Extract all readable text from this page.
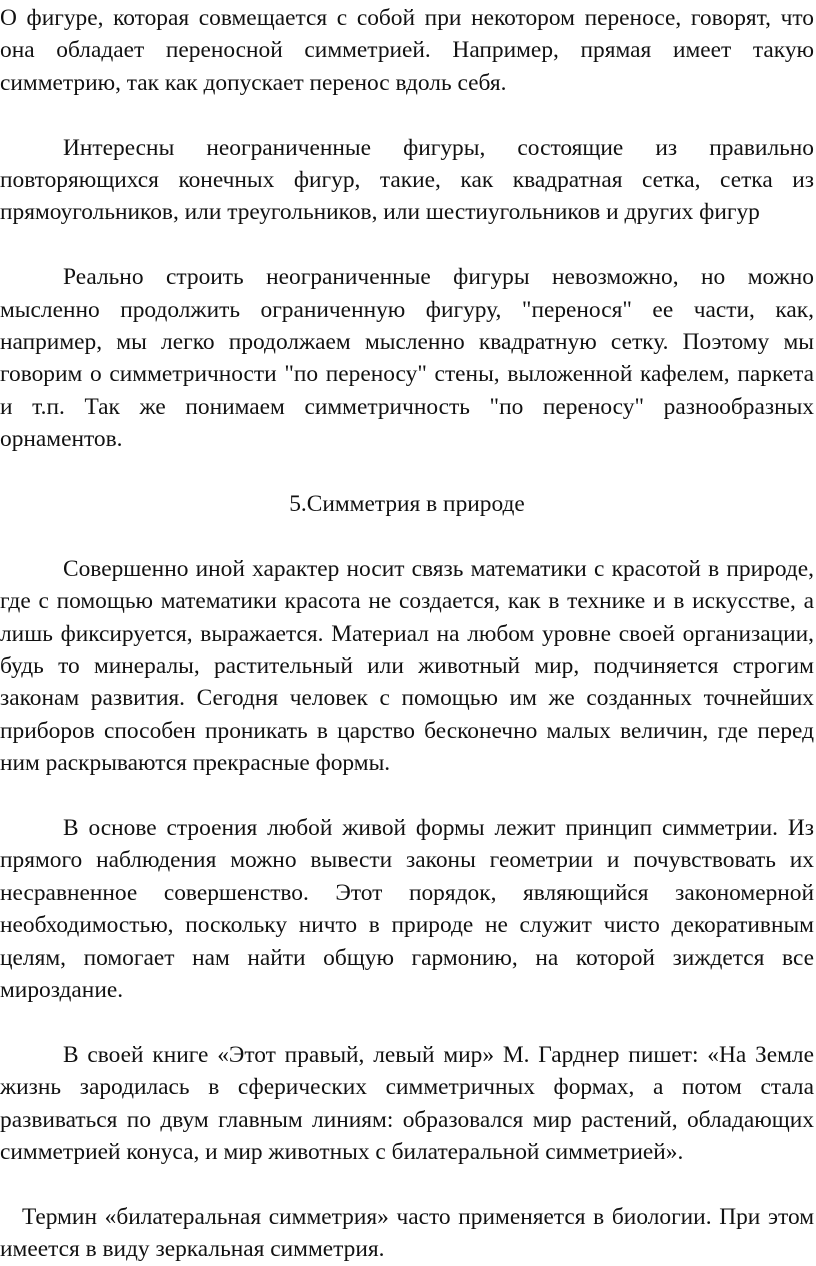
О фигуре, которая совмещается с собой при некотором переносе, говорят, что она обладает переносной симметрией. Например, прямая имеет такую симметрию, так как допускает перенос вдоль себя.

Интересны неограниченные фигуры, состоящие из правильно повторяющихся конечных фигур, такие, как квадратная сетка, сетка из прямоугольников, или треугольников, или шестиугольников и других фигур

Реально строить неограниченные фигуры невозможно, но можно мысленно продолжить ограниченную фигуру, "перенося" ее части, как, например, мы легко продолжаем мысленно квадратную сетку. Поэтому мы говорим о симметричности "по переносу" стены, выложенной кафелем, паркета и т.п. Так же понимаем симметричность "по переносу" разнообразных орнаментов.

5.Симметрия в природе

Совершенно иной характер носит связь математики с красотой в природе, где с помощью математики красота не создается, как в технике и в искусстве, а лишь фиксируется, выражается. Материал на любом уровне своей организации, будь то минералы, растительный или животный мир, подчиняется строгим законам развития. Сегодня человек с помощью им же созданных точнейших приборов способен проникать в царство бесконечно малых величин, где перед ним раскрываются прекрасные формы.

В основе строения любой живой формы лежит принцип симметрии. Из прямого наблюдения можно вывести законы геометрии и почувствовать их несравненное совершенство. Этот порядок, являющийся закономерной необходимостью, поскольку ничто в природе не служит чисто декоративным целям, помогает нам найти общую гармонию, на которой зиждется все мироздание.

В своей книге «Этот правый, левый мир» М. Гарднер пишет: «На Земле жизнь зародилась в сферических симметричных формах, а потом стала развиваться по двум главным линиям: образовался мир растений, обладающих симметрией конуса, и мир животных с билатеральной симметрией».

Термин «билатеральная симметрия» часто применяется в биологии. При этом имеется в виду зеркальная симметрия.
